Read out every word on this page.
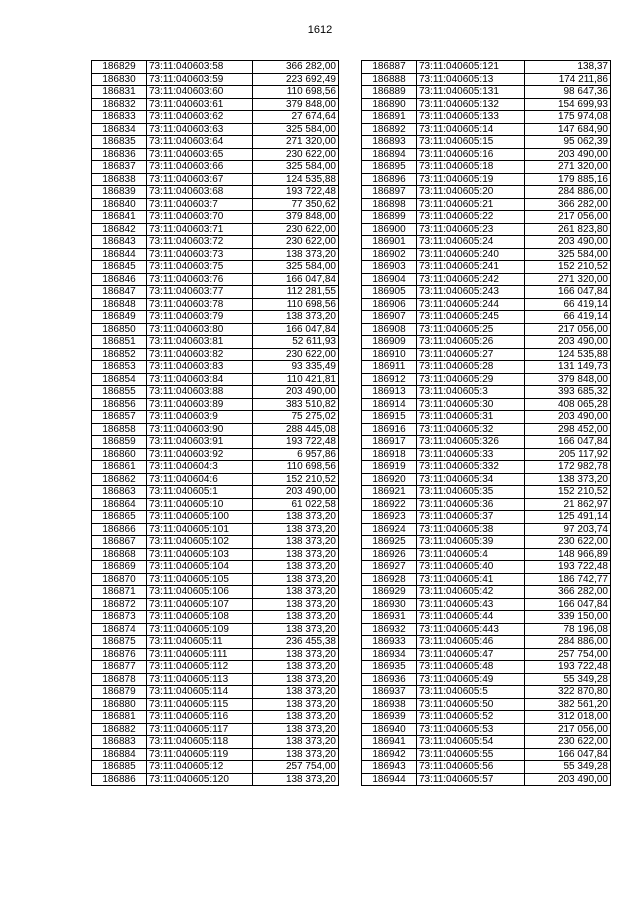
1612
186829	73:11:040603:58	366 282,00
186830	73:11:040603:59	223 692,49
186831	73:11:040603:60	110 698,56
186832	73:11:040603:61	379 848,00
186833	73:11:040603:62	27 674,64
186834	73:11:040603:63	325 584,00
186835	73:11:040603:64	271 320,00
186836	73:11:040603:65	230 622,00
186837	73:11:040603:66	325 584,00
186838	73:11:040603:67	124 535,88
186839	73:11:040603:68	193 722,48
186840	73:11:040603:7	77 350,62
186841	73:11:040603:70	379 848,00
186842	73:11:040603:71	230 622,00
186843	73:11:040603:72	230 622,00
186844	73:11:040603:73	138 373,20
186845	73:11:040603:75	325 584,00
186846	73:11:040603:76	166 047,84
186847	73:11:040603:77	112 281,55
186848	73:11:040603:78	110 698,56
186849	73:11:040603:79	138 373,20
186850	73:11:040603:80	166 047,84
186851	73:11:040603:81	52 611,93
186852	73:11:040603:82	230 622,00
186853	73:11:040603:83	93 335,49
186854	73:11:040603:84	110 421,81
186855	73:11:040603:88	203 490,00
186856	73:11:040603:89	383 510,82
186857	73:11:040603:9	75 275,02
186858	73:11:040603:90	288 445,08
186859	73:11:040603:91	193 722,48
186860	73:11:040603:92	6 957,86
186861	73:11:040604:3	110 698,56
186862	73:11:040604:6	152 210,52
186863	73:11:040605:1	203 490,00
186864	73:11:040605:10	61 022,58
186865	73:11:040605:100	138 373,20
186866	73:11:040605:101	138 373,20
186867	73:11:040605:102	138 373,20
186868	73:11:040605:103	138 373,20
186869	73:11:040605:104	138 373,20
186870	73:11:040605:105	138 373,20
186871	73:11:040605:106	138 373,20
186872	73:11:040605:107	138 373,20
186873	73:11:040605:108	138 373,20
186874	73:11:040605:109	138 373,20
186875	73:11:040605:11	236 455,38
186876	73:11:040605:111	138 373,20
186877	73:11:040605:112	138 373,20
186878	73:11:040605:113	138 373,20
186879	73:11:040605:114	138 373,20
186880	73:11:040605:115	138 373,20
186881	73:11:040605:116	138 373,20
186882	73:11:040605:117	138 373,20
186883	73:11:040605:118	138 373,20
186884	73:11:040605:119	138 373,20
186885	73:11:040605:12	257 754,00
186886	73:11:040605:120	138 373,20
186887	73:11:040605:121	138,37
186888	73:11:040605:13	174 211,86
186889	73:11:040605:131	98 647,36
186890	73:11:040605:132	154 699,93
186891	73:11:040605:133	175 974,08
186892	73:11:040605:14	147 684,90
186893	73:11:040605:15	95 062,39
186894	73:11:040605:16	203 490,00
186895	73:11:040605:18	271 320,00
186896	73:11:040605:19	179 885,16
186897	73:11:040605:20	284 886,00
186898	73:11:040605:21	366 282,00
186899	73:11:040605:22	217 056,00
186900	73:11:040605:23	261 823,80
186901	73:11:040605:24	203 490,00
186902	73:11:040605:240	325 584,00
186903	73:11:040605:241	152 210,52
186904	73:11:040605:242	271 320,00
186905	73:11:040605:243	166 047,84
186906	73:11:040605:244	66 419,14
186907	73:11:040605:245	66 419,14
186908	73:11:040605:25	217 056,00
186909	73:11:040605:26	203 490,00
186910	73:11:040605:27	124 535,88
186911	73:11:040605:28	131 149,73
186912	73:11:040605:29	379 848,00
186913	73:11:040605:3	393 685,32
186914	73:11:040605:30	408 065,28
186915	73:11:040605:31	203 490,00
186916	73:11:040605:32	298 452,00
186917	73:11:040605:326	166 047,84
186918	73:11:040605:33	205 117,92
186919	73:11:040605:332	172 982,78
186920	73:11:040605:34	138 373,20
186921	73:11:040605:35	152 210,52
186922	73:11:040605:36	21 862,97
186923	73:11:040605:37	125 491,14
186924	73:11:040605:38	97 203,74
186925	73:11:040605:39	230 622,00
186926	73:11:040605:4	148 966,89
186927	73:11:040605:40	193 722,48
186928	73:11:040605:41	186 742,77
186929	73:11:040605:42	366 282,00
186930	73:11:040605:43	166 047,84
186931	73:11:040605:44	339 150,00
186932	73:11:040605:443	78 196,08
186933	73:11:040605:46	284 886,00
186934	73:11:040605:47	257 754,00
186935	73:11:040605:48	193 722,48
186936	73:11:040605:49	55 349,28
186937	73:11:040605:5	322 870,80
186938	73:11:040605:50	382 561,20
186939	73:11:040605:52	312 018,00
186940	73:11:040605:53	217 056,00
186941	73:11:040605:54	230 622,00
186942	73:11:040605:55	166 047,84
186943	73:11:040605:56	55 349,28
186944	73:11:040605:57	203 490,00
